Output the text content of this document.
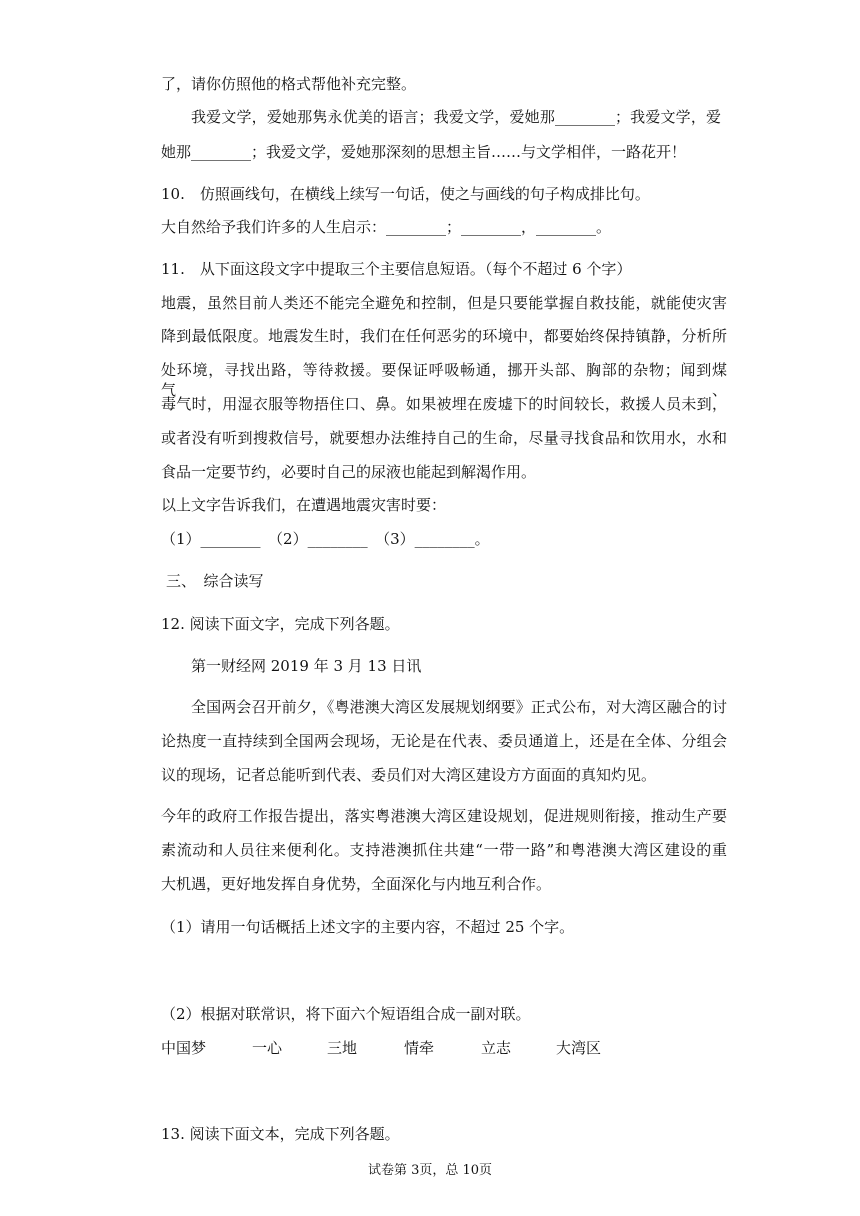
了，请你仿照他的格式帮他补充完整。
我爱文学，爱她那隽永优美的语言；我爱文学，爱她那________；我爱文学，爱
她那________；我爱文学，爱她那深刻的思想主旨……与文学相伴，一路花开！
10.　仿照画线句，在横线上续写一句话，使之与画线的句子构成排比句。
大自然给予我们许多的人生启示：________；________，________。
11.　从下面这段文字中提取三个主要信息短语。（每个不超过 6 个字）
地震，虽然目前人类还不能完全避免和控制，但是只要能掌握自救技能，就能使灾害
降到最低限度。地震发生时，我们在任何恶劣的环境中，都要始终保持镇静，分析所
处环境，寻找出路，等待救援。要保证呼吸畅通，挪开头部、胸部的杂物；闻到煤气、
毒气时，用湿衣服等物捂住口、鼻。如果被埋在废墟下的时间较长，救援人员未到，
或者没有听到搜救信号，就要想办法维持自己的生命，尽量寻找食品和饮用水，水和
食品一定要节约，必要时自己的尿液也能起到解渴作用。
以上文字告诉我们，在遭遇地震灾害时要：
（1）________　（2）________　（3）________。
三、　综合读写
12. 阅读下面文字，完成下列各题。
第一财经网 2019 年 3 月 13 日讯
全国两会召开前夕，《粤港澳大湾区发展规划纲要》正式公布，对大湾区融合的讨
论热度一直持续到全国两会现场，无论是在代表、委员通道上，还是在全体、分组会
议的现场，记者总能听到代表、委员们对大湾区建设方方面面的真知灼见。
今年的政府工作报告提出，落实粤港澳大湾区建设规划，促进规则衔接，推动生产要
素流动和人员往来便利化。支持港澳抓住共建“一带一路”和粤港澳大湾区建设的重
大机遇，更好地发挥自身优势，全面深化与内地互利合作。
（1）请用一句话概括上述文字的主要内容，不超过 25 个字。
（2）根据对联常识，将下面六个短语组合成一副对联。
中国梦	一心	三地	情牵	立志	大湾区
13. 阅读下面文本，完成下列各题。
试卷第 3页，总 10页
